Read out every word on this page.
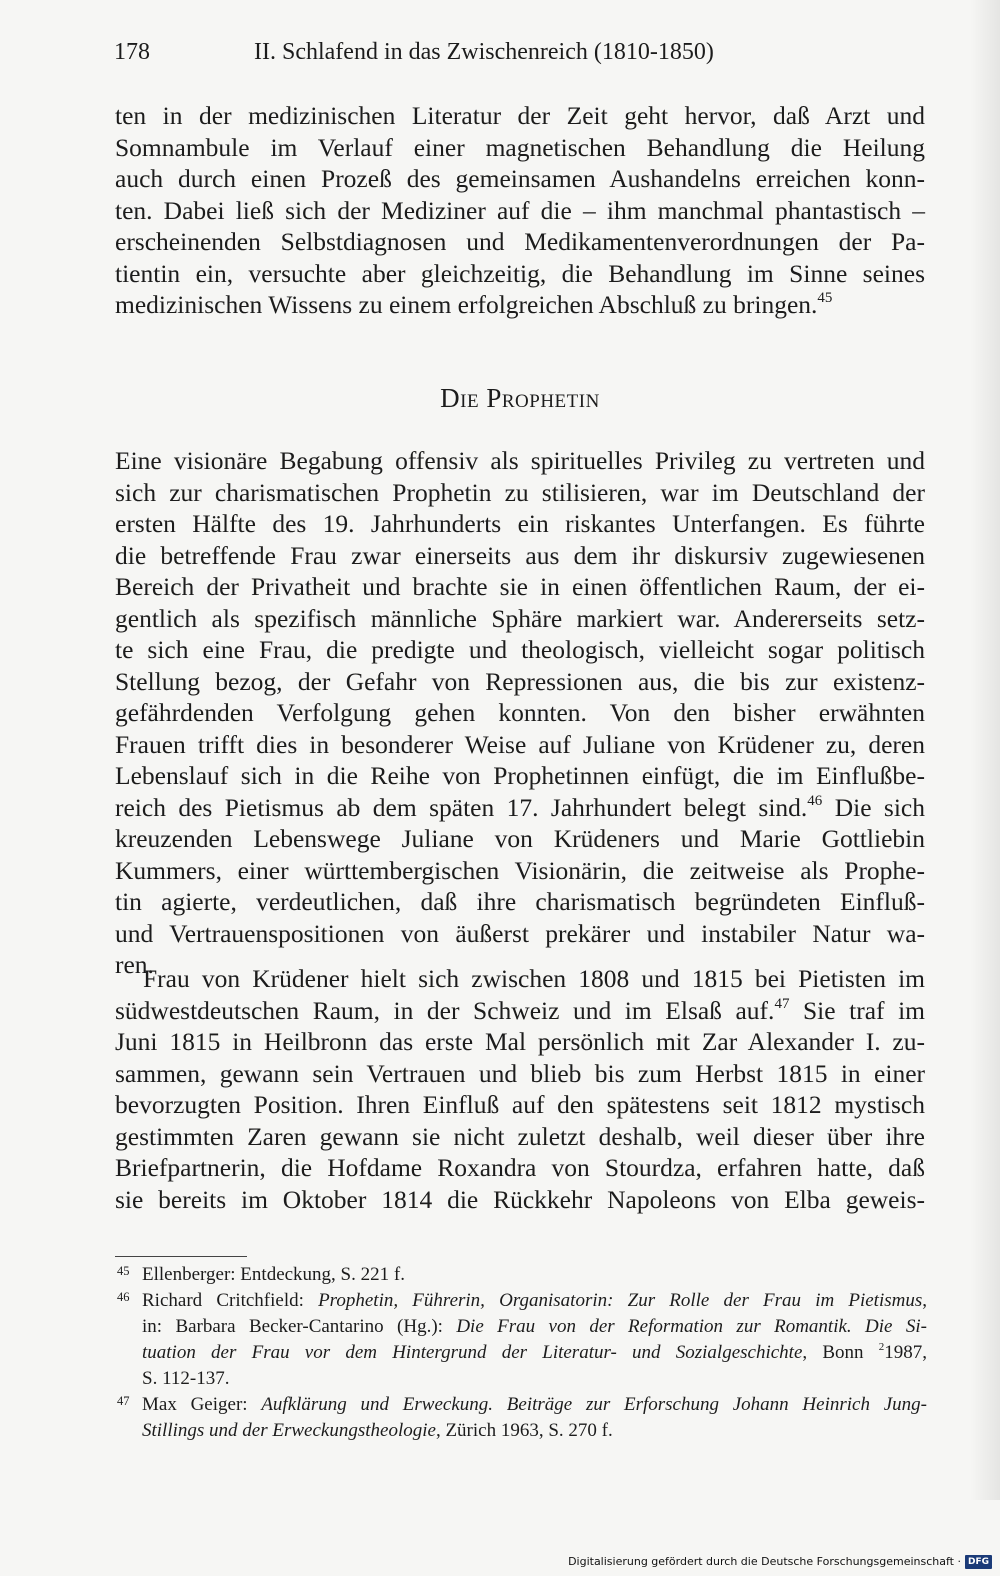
178	II. Schlafend in das Zwischenreich (1810-1850)

ten in der medizinischen Literatur der Zeit geht hervor, daß Arzt und
Somnambule im Verlauf einer magnetischen Behandlung die Heilung
auch durch einen Prozeß des gemeinsamen Aushandelns erreichen konn-
ten. Dabei ließ sich der Mediziner auf die – ihm manchmal phantastisch –
erscheinenden Selbstdiagnosen und Medikamentenverordnungen der Pa-
tientin ein, versuchte aber gleichzeitig, die Behandlung im Sinne seines
medizinischen Wissens zu einem erfolgreichen Abschluß zu bringen.$^{45}$

Die Prophetin

Eine visionäre Begabung offensiv als spirituelles Privileg zu vertreten und
sich zur charismatischen Prophetin zu stilisieren, war im Deutschland der
ersten Hälfte des 19. Jahrhunderts ein riskantes Unterfangen. Es führte
die betreffende Frau zwar einerseits aus dem ihr diskursiv zugewiesenen
Bereich der Privatheit und brachte sie in einen öffentlichen Raum, der ei-
gentlich als spezifisch männliche Sphäre markiert war. Andererseits setz-
te sich eine Frau, die predigte und theologisch, vielleicht sogar politisch
Stellung bezog, der Gefahr von Repressionen aus, die bis zur existenz-
gefährdenden Verfolgung gehen konnten. Von den bisher erwähnten
Frauen trifft dies in besonderer Weise auf Juliane von Krüdener zu, deren
Lebenslauf sich in die Reihe von Prophetinnen einfügt, die im Einflußbe-
reich des Pietismus ab dem späten 17. Jahrhundert belegt sind.$^{46}$ Die sich
kreuzenden Lebenswege Juliane von Krüdeners und Marie Gottliebin
Kummers, einer württembergischen Visionärin, die zeitweise als Prophe-
tin agierte, verdeutlichen, daß ihre charismatisch begründeten Einfluß-
und Vertrauenspositionen von äußerst prekärer und instabiler Natur wa-
ren.

Frau von Krüdener hielt sich zwischen 1808 und 1815 bei Pietisten im
südwestdeutschen Raum, in der Schweiz und im Elsaß auf.$^{47}$ Sie traf im
Juni 1815 in Heilbronn das erste Mal persönlich mit Zar Alexander I. zu-
sammen, gewann sein Vertrauen und blieb bis zum Herbst 1815 in einer
bevorzugten Position. Ihren Einfluß auf den spätestens seit 1812 mystisch
gestimmten Zaren gewann sie nicht zuletzt deshalb, weil dieser über ihre
Briefpartnerin, die Hofdame Roxandra von Stourdza, erfahren hatte, daß
sie bereits im Oktober 1814 die Rückkehr Napoleons von Elba geweis-

45 Ellenberger: Entdeckung, S. 221 f.
46 Richard Critchfield: Prophetin, Führerin, Organisatorin: Zur Rolle der Frau im Pietismus,
in: Barbara Becker-Cantarino (Hg.): Die Frau von der Reformation zur Romantik. Die Si-
tuation der Frau vor dem Hintergrund der Literatur- und Sozialgeschichte, Bonn $^2$1987,
S. 112-137.
47 Max Geiger: Aufklärung und Erweckung. Beiträge zur Erforschung Johann Heinrich Jung-
Stillings und der Erweckungstheologie, Zürich 1963, S. 270 f.
Digitalisierung gefördert durch die Deutsche Forschungsgemeinschaft · DFG
